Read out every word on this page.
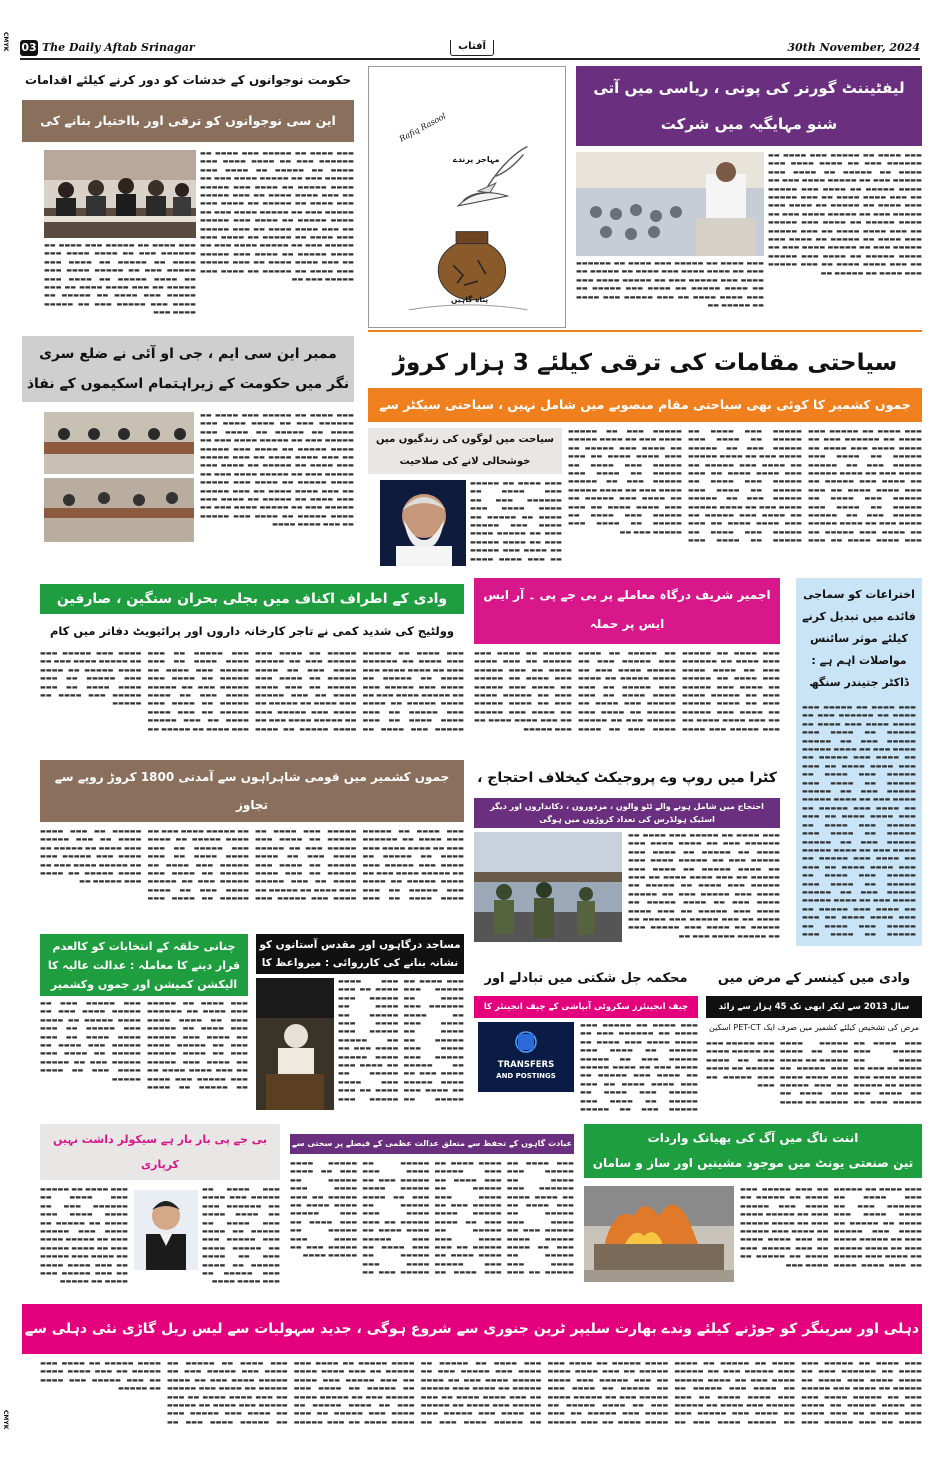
CMYK
CMYK
03 The Daily Aftab Srinagar	آفتاب	30th November, 2024
حکومت نوجوانوں کے خدشات کو دور کرنے کیلئے اقدامات
این سی نوجوانوں کو ترقی اور بااختیار بنانے کی
▬▬▬ ▬▬▬▬ ▬▬ ▬▬▬▬▬ ▬▬▬ ▬▬▬▬ ▬▬ ▬▬▬▬▬▬ ▬▬▬ ▬▬ ▬▬▬▬ ▬▬▬▬ ▬▬▬ ▬▬▬▬ ▬▬ ▬▬▬▬▬ ▬▬ ▬▬▬▬ ▬▬▬ ▬▬▬▬▬ ▬▬▬ ▬▬ ▬▬▬▬▬ ▬▬▬▬ ▬▬▬ ▬▬ ▬▬▬▬ ▬▬▬▬▬ ▬▬ ▬▬▬▬ ▬▬▬ ▬▬▬▬▬ ▬▬ ▬▬▬ ▬▬▬▬ ▬▬▬▬ ▬▬ ▬▬▬ ▬▬▬▬▬ ▬▬▬ ▬▬▬▬ ▬▬ ▬▬▬▬▬ ▬▬ ▬▬▬▬ ▬▬▬ ▬▬▬▬▬ ▬▬▬ ▬▬ ▬▬▬▬▬ ▬▬▬▬ ▬▬▬ ▬▬ ▬▬▬▬ ▬▬▬▬▬ ▬▬ ▬▬▬▬ ▬▬▬ ▬▬▬▬▬ ▬▬ ▬▬▬ ▬▬▬▬ ▬▬▬▬ ▬▬ ▬▬▬ ▬▬▬▬▬ ▬▬▬ ▬▬▬▬ ▬▬ ▬▬▬▬▬ ▬▬ ▬▬▬▬ ▬▬▬ ▬▬▬▬▬ ▬▬▬ ▬▬ ▬▬▬▬▬ ▬▬▬▬ ▬▬▬ ▬▬ ▬▬▬▬ ▬▬▬▬▬ ▬▬ ▬▬▬▬ ▬▬▬ ▬▬▬▬▬ ▬▬ ▬▬▬ ▬▬▬▬ ▬▬▬▬ ▬▬ ▬▬▬ ▬▬▬▬▬ ▬▬▬ ▬▬▬▬ ▬▬ ▬▬▬▬▬ ▬▬ ▬▬▬▬ ▬▬▬ ▬▬▬▬▬ ▬▬▬ ▬▬
▬▬▬ ▬▬▬▬ ▬▬ ▬▬▬▬▬ ▬▬▬ ▬▬▬▬ ▬▬ ▬▬▬▬▬▬ ▬▬▬ ▬▬ ▬▬▬▬ ▬▬▬▬ ▬▬▬ ▬▬▬▬ ▬▬ ▬▬▬▬▬ ▬▬ ▬▬▬▬ ▬▬▬ ▬▬▬▬▬ ▬▬▬ ▬▬ ▬▬▬▬▬ ▬▬▬▬ ▬▬▬ ▬▬ ▬▬▬▬ ▬▬▬▬▬ ▬▬ ▬▬▬▬ ▬▬▬ ▬▬▬▬▬ ▬▬ ▬▬▬ ▬▬▬▬ ▬▬▬▬ ▬▬ ▬▬▬ ▬▬▬▬▬ ▬▬▬ ▬▬▬▬ ▬▬ ▬▬▬▬▬ ▬▬ ▬▬▬▬ ▬▬▬ ▬▬▬▬▬ ▬▬▬ ▬▬ ▬▬▬▬▬ ▬▬▬▬ ▬▬▬
Rafiq Rasool
مہاجر پرندے
پناہ گاہیں
لیفٹیننٹ گورنر کی پونی ، ریاسی میں آتی شنو مہایگیہ میں شرکت
▬▬▬ ▬▬▬▬ ▬▬ ▬▬▬▬▬ ▬▬▬ ▬▬▬▬ ▬▬ ▬▬▬▬▬▬ ▬▬▬ ▬▬ ▬▬▬▬ ▬▬▬▬ ▬▬▬ ▬▬▬▬ ▬▬ ▬▬▬▬▬ ▬▬ ▬▬▬▬ ▬▬▬ ▬▬▬▬▬ ▬▬▬ ▬▬ ▬▬▬▬▬ ▬▬▬▬ ▬▬▬ ▬▬ ▬▬▬▬ ▬▬▬▬▬ ▬▬ ▬▬▬▬ ▬▬▬ ▬▬▬▬▬ ▬▬ ▬▬▬ ▬▬▬▬ ▬▬▬▬ ▬▬ ▬▬▬ ▬▬▬▬▬ ▬▬▬ ▬▬▬▬ ▬▬ ▬▬▬▬▬ ▬▬ ▬▬▬▬ ▬▬▬ ▬▬▬▬▬ ▬▬▬ ▬▬ ▬▬▬▬▬ ▬▬▬▬ ▬▬▬ ▬▬ ▬▬▬▬ ▬▬▬▬▬ ▬▬ ▬▬▬▬ ▬▬▬ ▬▬▬▬▬ ▬▬ ▬▬▬ ▬▬▬▬ ▬▬▬▬ ▬▬ ▬▬▬ ▬▬▬▬▬ ▬▬▬ ▬▬▬▬ ▬▬ ▬▬▬▬▬ ▬▬ ▬▬▬▬ ▬▬▬ ▬▬▬▬▬ ▬▬▬ ▬▬ ▬▬▬▬▬ ▬▬▬▬ ▬▬▬ ▬▬ ▬▬▬▬ ▬▬▬▬▬ ▬▬ ▬▬▬▬ ▬▬▬ ▬▬▬▬▬ ▬▬ ▬▬▬ ▬▬▬▬ ▬▬▬▬ ▬▬ ▬▬▬ ▬▬▬▬▬ ▬▬▬ ▬▬▬▬ ▬▬ ▬▬▬▬▬ ▬▬
▬▬▬ ▬▬▬▬ ▬▬ ▬▬▬▬▬ ▬▬▬ ▬▬▬▬ ▬▬ ▬▬▬▬▬▬ ▬▬▬ ▬▬ ▬▬▬▬ ▬▬▬▬ ▬▬▬ ▬▬▬▬ ▬▬ ▬▬▬▬▬ ▬▬ ▬▬▬▬ ▬▬▬ ▬▬▬▬▬ ▬▬▬ ▬▬ ▬▬▬▬▬ ▬▬▬▬ ▬▬▬ ▬▬ ▬▬▬▬ ▬▬▬▬▬ ▬▬ ▬▬▬▬ ▬▬▬ ▬▬▬▬▬ ▬▬ ▬▬▬ ▬▬▬▬ ▬▬▬▬ ▬▬ ▬▬▬ ▬▬▬▬▬ ▬▬▬ ▬▬▬▬ ▬▬ ▬▬▬▬▬ ▬▬
ممبر این سی ایم ، جی او آئی نے ضلع سری نگر میں حکومت کے زیراہتمام اسکیموں کے نفاذ
▬▬▬ ▬▬▬▬ ▬▬ ▬▬▬▬▬ ▬▬▬ ▬▬▬▬ ▬▬ ▬▬▬▬▬▬ ▬▬▬ ▬▬ ▬▬▬▬ ▬▬▬▬ ▬▬▬ ▬▬▬▬ ▬▬ ▬▬▬▬▬ ▬▬ ▬▬▬▬ ▬▬▬ ▬▬▬▬▬ ▬▬▬ ▬▬ ▬▬▬▬▬ ▬▬▬▬ ▬▬▬ ▬▬ ▬▬▬▬ ▬▬▬▬▬ ▬▬ ▬▬▬▬ ▬▬▬ ▬▬▬▬▬ ▬▬ ▬▬▬ ▬▬▬▬ ▬▬▬▬ ▬▬ ▬▬▬ ▬▬▬▬▬ ▬▬▬ ▬▬▬▬ ▬▬ ▬▬▬▬▬ ▬▬ ▬▬▬▬ ▬▬▬ ▬▬▬▬▬ ▬▬▬ ▬▬ ▬▬▬▬▬ ▬▬▬▬ ▬▬▬ ▬▬ ▬▬▬▬ ▬▬▬▬▬ ▬▬ ▬▬▬▬ ▬▬▬ ▬▬▬▬▬ ▬▬ ▬▬▬ ▬▬▬▬ ▬▬▬▬ ▬▬ ▬▬▬ ▬▬▬▬▬ ▬▬▬ ▬▬▬▬ ▬▬ ▬▬▬▬▬ ▬▬ ▬▬▬▬ ▬▬▬ ▬▬▬▬▬ ▬▬▬ ▬▬ ▬▬▬▬▬ ▬▬▬▬ ▬▬▬ ▬▬ ▬▬▬▬ ▬▬▬▬▬ ▬▬ ▬▬▬▬ ▬▬▬ ▬▬▬▬▬ ▬▬ ▬▬▬ ▬▬▬▬ ▬▬▬▬
سیاحتی مقامات کی ترقی کیلئے 3 ہزار کروڑ
جموں کشمیر کا کوئی بھی سیاحتی مقام منصوبے میں شامل نہیں ، سیاحتی سیکٹر سے
سیاحت میں لوگوں کی زندگیوں میں خوشحالی لانے کی صلاحیت
▬▬▬ ▬▬▬▬ ▬▬ ▬▬▬▬▬ ▬▬▬ ▬▬▬▬ ▬▬ ▬▬▬▬▬▬ ▬▬▬ ▬▬ ▬▬▬▬ ▬▬▬▬ ▬▬▬ ▬▬▬▬ ▬▬ ▬▬▬▬▬ ▬▬ ▬▬▬▬ ▬▬▬ ▬▬▬▬▬ ▬▬▬ ▬▬ ▬▬▬▬▬ ▬▬▬▬ ▬▬▬ ▬▬ ▬▬▬▬ ▬▬▬▬▬ ▬▬ ▬▬▬▬ ▬▬▬ ▬▬▬▬▬ ▬▬ ▬▬▬ ▬▬▬▬ ▬▬▬▬
▬▬▬ ▬▬▬▬ ▬▬ ▬▬▬▬▬ ▬▬▬ ▬▬▬▬ ▬▬ ▬▬▬▬▬▬ ▬▬▬ ▬▬ ▬▬▬▬ ▬▬▬▬ ▬▬▬ ▬▬▬▬ ▬▬ ▬▬▬▬▬ ▬▬ ▬▬▬▬ ▬▬▬ ▬▬▬▬▬ ▬▬▬ ▬▬ ▬▬▬▬▬ ▬▬▬▬ ▬▬▬ ▬▬ ▬▬▬▬ ▬▬▬▬▬ ▬▬ ▬▬▬▬ ▬▬▬ ▬▬▬▬▬ ▬▬ ▬▬▬ ▬▬▬▬ ▬▬▬▬ ▬▬ ▬▬▬ ▬▬▬▬▬ ▬▬▬ ▬▬▬▬ ▬▬ ▬▬▬▬▬ ▬▬ ▬▬▬▬ ▬▬▬ ▬▬▬▬▬ ▬▬▬ ▬▬ ▬▬▬▬▬ ▬▬▬▬ ▬▬▬ ▬▬ ▬▬▬▬ ▬▬▬▬▬ ▬▬ ▬▬▬▬ ▬▬▬ ▬▬▬▬▬ ▬▬ ▬▬▬ ▬▬▬▬ ▬▬▬▬ ▬▬ ▬▬▬ ▬▬▬▬▬ ▬▬▬ ▬▬▬▬ ▬▬ ▬▬▬▬▬ ▬▬ ▬▬▬▬ ▬▬▬ ▬▬▬▬▬ ▬▬▬ ▬▬ ▬▬▬▬▬ ▬▬▬▬ ▬▬▬ ▬▬ ▬▬▬▬ ▬▬▬▬▬ ▬▬ ▬▬▬▬ ▬▬▬ ▬▬▬▬▬ ▬▬ ▬▬▬ ▬▬▬▬ ▬▬▬▬ ▬▬ ▬▬▬ ▬▬▬▬▬ ▬▬▬ ▬▬▬▬ ▬▬ ▬▬▬▬▬ ▬▬ ▬▬▬▬ ▬▬▬ ▬▬▬▬▬ ▬▬▬ ▬▬ ▬▬▬▬▬ ▬▬▬▬ ▬▬▬ ▬▬ ▬▬▬▬ ▬▬▬▬▬ ▬▬ ▬▬▬▬ ▬▬▬ ▬▬▬▬▬ ▬▬ ▬▬▬ ▬▬▬▬ ▬▬▬▬ ▬▬ ▬▬▬ ▬▬▬▬▬ ▬▬▬ ▬▬▬▬ ▬▬ ▬▬▬▬▬ ▬▬ ▬▬▬▬ ▬▬▬ ▬▬▬▬▬ ▬▬▬ ▬▬ ▬▬▬▬▬ ▬▬▬▬ ▬▬▬ ▬▬ ▬▬▬▬ ▬▬▬▬▬ ▬▬ ▬▬▬▬ ▬▬▬ ▬▬▬▬▬ ▬▬ ▬▬▬ ▬▬▬▬ ▬▬▬▬ ▬▬ ▬▬▬ ▬▬▬▬▬ ▬▬▬ ▬▬▬▬ ▬▬ ▬▬▬▬▬ ▬▬ ▬▬▬▬ ▬▬▬ ▬▬▬▬▬ ▬▬▬ ▬▬ ▬▬▬▬▬ ▬▬▬▬ ▬▬▬ ▬▬ ▬▬▬▬ ▬▬▬▬▬ ▬▬ ▬▬▬▬ ▬▬▬ ▬▬▬▬▬ ▬▬ ▬▬▬ ▬▬▬▬ ▬▬▬▬ ▬▬ ▬▬▬ ▬▬▬▬▬ ▬▬▬ ▬▬▬▬ ▬▬ ▬▬▬▬▬ ▬▬ ▬▬▬▬ ▬▬▬ ▬▬▬▬▬ ▬▬▬ ▬▬
وادی کے اطراف اکناف میں بجلی بحران سنگین ، صارفین
وولٹیج کی شدید کمی نے تاجر کارخانہ داروں اور پرائیویٹ دفاتر میں کام
▬▬▬ ▬▬▬▬ ▬▬ ▬▬▬▬▬ ▬▬▬ ▬▬▬▬ ▬▬ ▬▬▬▬▬▬ ▬▬▬ ▬▬ ▬▬▬▬ ▬▬▬▬ ▬▬▬ ▬▬▬▬ ▬▬ ▬▬▬▬▬ ▬▬ ▬▬▬▬ ▬▬▬ ▬▬▬▬▬ ▬▬▬ ▬▬ ▬▬▬▬▬ ▬▬▬▬ ▬▬▬ ▬▬ ▬▬▬▬ ▬▬▬▬▬ ▬▬ ▬▬▬▬ ▬▬▬ ▬▬▬▬▬ ▬▬ ▬▬▬ ▬▬▬▬ ▬▬▬▬ ▬▬ ▬▬▬ ▬▬▬▬▬ ▬▬▬ ▬▬▬▬ ▬▬ ▬▬▬▬▬ ▬▬ ▬▬▬▬ ▬▬▬ ▬▬▬▬▬ ▬▬▬ ▬▬ ▬▬▬▬▬ ▬▬▬▬ ▬▬▬ ▬▬ ▬▬▬▬ ▬▬▬▬▬ ▬▬ ▬▬▬▬ ▬▬▬ ▬▬▬▬▬ ▬▬ ▬▬▬ ▬▬▬▬ ▬▬▬▬ ▬▬ ▬▬▬ ▬▬▬▬▬ ▬▬▬ ▬▬▬▬ ▬▬ ▬▬▬▬▬ ▬▬ ▬▬▬▬ ▬▬▬ ▬▬▬▬▬ ▬▬▬ ▬▬ ▬▬▬▬▬ ▬▬▬▬ ▬▬▬ ▬▬ ▬▬▬▬ ▬▬▬▬▬ ▬▬ ▬▬▬▬ ▬▬▬ ▬▬▬▬▬ ▬▬ ▬▬▬ ▬▬▬▬ ▬▬▬▬ ▬▬ ▬▬▬ ▬▬▬▬▬ ▬▬▬ ▬▬▬▬ ▬▬ ▬▬▬▬▬ ▬▬ ▬▬▬▬ ▬▬▬ ▬▬▬▬▬ ▬▬▬ ▬▬ ▬▬▬▬▬ ▬▬▬▬ ▬▬▬ ▬▬ ▬▬▬▬ ▬▬▬▬▬ ▬▬ ▬▬▬▬ ▬▬▬ ▬▬▬▬▬ ▬▬ ▬▬▬ ▬▬▬▬ ▬▬▬▬ ▬▬ ▬▬▬ ▬▬▬▬▬ ▬▬▬ ▬▬▬▬ ▬▬ ▬▬▬▬▬ ▬▬ ▬▬▬▬ ▬▬▬ ▬▬▬▬▬ ▬▬▬ ▬▬ ▬▬▬▬▬ ▬▬▬▬ ▬▬▬ ▬▬ ▬▬▬▬ ▬▬▬▬▬ ▬▬ ▬▬▬▬ ▬▬▬ ▬▬▬▬▬ ▬▬ ▬▬▬ ▬▬▬▬ ▬▬▬▬ ▬▬ ▬▬▬ ▬▬▬▬▬ ▬▬▬ ▬▬▬▬ ▬▬ ▬▬▬▬▬
اجمیر شریف درگاہ معاملے پر بی جے پی ۔ آر ایس ایس پر حملہ
▬▬▬ ▬▬▬▬ ▬▬ ▬▬▬▬▬ ▬▬▬ ▬▬▬▬ ▬▬ ▬▬▬▬▬▬ ▬▬▬ ▬▬ ▬▬▬▬ ▬▬▬▬ ▬▬▬ ▬▬▬▬ ▬▬ ▬▬▬▬▬ ▬▬ ▬▬▬▬ ▬▬▬ ▬▬▬▬▬ ▬▬▬ ▬▬ ▬▬▬▬▬ ▬▬▬▬ ▬▬▬ ▬▬ ▬▬▬▬ ▬▬▬▬▬ ▬▬ ▬▬▬▬ ▬▬▬ ▬▬▬▬▬ ▬▬ ▬▬▬ ▬▬▬▬ ▬▬▬▬ ▬▬ ▬▬▬ ▬▬▬▬▬ ▬▬▬ ▬▬▬▬ ▬▬ ▬▬▬▬▬ ▬▬ ▬▬▬▬ ▬▬▬ ▬▬▬▬▬ ▬▬▬ ▬▬ ▬▬▬▬▬ ▬▬▬▬ ▬▬▬ ▬▬ ▬▬▬▬ ▬▬▬▬▬ ▬▬ ▬▬▬▬ ▬▬▬ ▬▬▬▬▬ ▬▬ ▬▬▬ ▬▬▬▬ ▬▬▬▬ ▬▬ ▬▬▬ ▬▬▬▬▬ ▬▬▬ ▬▬▬▬ ▬▬ ▬▬▬▬▬ ▬▬ ▬▬▬▬ ▬▬▬ ▬▬▬▬▬ ▬▬▬ ▬▬ ▬▬▬▬▬ ▬▬▬▬ ▬▬▬ ▬▬ ▬▬▬▬ ▬▬▬▬▬ ▬▬ ▬▬▬▬ ▬▬▬ ▬▬▬▬▬ ▬▬ ▬▬▬ ▬▬▬▬ ▬▬▬▬ ▬▬ ▬▬▬ ▬▬▬▬▬ ▬▬▬ ▬▬▬▬ ▬▬ ▬▬▬▬▬ ▬▬ ▬▬▬▬ ▬▬▬ ▬▬▬▬▬ ▬▬▬ ▬▬ ▬▬▬▬▬ ▬▬▬▬ ▬▬▬ ▬▬ ▬▬▬▬ ▬▬▬▬▬ ▬▬ ▬▬▬▬ ▬▬▬ ▬▬▬▬▬ ▬▬ ▬▬▬ ▬▬▬▬ ▬▬▬▬ ▬▬ ▬▬▬ ▬▬▬▬▬
اختراعات کو سماجی فائدے میں تبدیل کرنے کیلئے موثر سائنس مواصلات اہم ہے : ڈاکٹر جتیندر سنگھ
▬▬▬ ▬▬▬▬ ▬▬ ▬▬▬▬▬ ▬▬▬ ▬▬▬▬ ▬▬ ▬▬▬▬▬▬ ▬▬▬ ▬▬ ▬▬▬▬ ▬▬▬▬ ▬▬▬ ▬▬▬▬ ▬▬ ▬▬▬▬▬ ▬▬ ▬▬▬▬ ▬▬▬ ▬▬▬▬▬ ▬▬▬ ▬▬ ▬▬▬▬▬ ▬▬▬▬ ▬▬▬ ▬▬ ▬▬▬▬ ▬▬▬▬▬ ▬▬ ▬▬▬▬ ▬▬▬ ▬▬▬▬▬ ▬▬ ▬▬▬ ▬▬▬▬ ▬▬▬▬ ▬▬ ▬▬▬ ▬▬▬▬▬ ▬▬▬ ▬▬▬▬ ▬▬ ▬▬▬▬▬ ▬▬ ▬▬▬▬ ▬▬▬ ▬▬▬▬▬ ▬▬▬ ▬▬ ▬▬▬▬▬ ▬▬▬▬ ▬▬▬ ▬▬ ▬▬▬▬ ▬▬▬▬▬ ▬▬ ▬▬▬▬ ▬▬▬ ▬▬▬▬▬ ▬▬ ▬▬▬ ▬▬▬▬ ▬▬▬▬ ▬▬ ▬▬▬ ▬▬▬▬▬ ▬▬▬ ▬▬▬▬ ▬▬ ▬▬▬▬▬ ▬▬ ▬▬▬▬ ▬▬▬ ▬▬▬▬▬ ▬▬▬ ▬▬ ▬▬▬▬▬ ▬▬▬▬ ▬▬▬ ▬▬ ▬▬▬▬ ▬▬▬▬▬ ▬▬ ▬▬▬▬ ▬▬▬ ▬▬▬▬▬ ▬▬ ▬▬▬ ▬▬▬▬ ▬▬▬▬ ▬▬ ▬▬▬ ▬▬▬▬▬ ▬▬▬ ▬▬▬▬ ▬▬ ▬▬▬▬▬ ▬▬ ▬▬▬▬ ▬▬▬ ▬▬▬▬▬ ▬▬▬ ▬▬ ▬▬▬▬▬ ▬▬▬▬ ▬▬▬ ▬▬ ▬▬▬▬ ▬▬▬▬▬ ▬▬ ▬▬▬▬ ▬▬▬ ▬▬▬▬▬ ▬▬ ▬▬▬ ▬▬▬▬ ▬▬▬▬ ▬▬ ▬▬▬ ▬▬▬▬▬ ▬▬▬ ▬▬▬▬ ▬▬ ▬▬▬▬▬ ▬▬ ▬▬▬▬ ▬▬▬
جموں کشمیر میں قومی شاہراہوں سے آمدنی 1800 کروڑ روپے سے تجاوز
▬▬▬ ▬▬▬▬ ▬▬ ▬▬▬▬▬ ▬▬▬ ▬▬▬▬ ▬▬ ▬▬▬▬▬▬ ▬▬▬ ▬▬ ▬▬▬▬ ▬▬▬▬ ▬▬▬ ▬▬▬▬ ▬▬ ▬▬▬▬▬ ▬▬ ▬▬▬▬ ▬▬▬ ▬▬▬▬▬ ▬▬▬ ▬▬ ▬▬▬▬▬ ▬▬▬▬ ▬▬▬ ▬▬ ▬▬▬▬ ▬▬▬▬▬ ▬▬ ▬▬▬▬ ▬▬▬ ▬▬▬▬▬ ▬▬ ▬▬▬ ▬▬▬▬ ▬▬▬▬ ▬▬ ▬▬▬ ▬▬▬▬▬ ▬▬▬ ▬▬▬▬ ▬▬ ▬▬▬▬▬ ▬▬ ▬▬▬▬ ▬▬▬ ▬▬▬▬▬ ▬▬▬ ▬▬ ▬▬▬▬▬ ▬▬▬▬ ▬▬▬ ▬▬ ▬▬▬▬ ▬▬▬▬▬ ▬▬ ▬▬▬▬ ▬▬▬ ▬▬▬▬▬ ▬▬ ▬▬▬ ▬▬▬▬ ▬▬▬▬ ▬▬ ▬▬▬ ▬▬▬▬▬ ▬▬▬ ▬▬▬▬ ▬▬ ▬▬▬▬▬ ▬▬ ▬▬▬▬ ▬▬▬ ▬▬▬▬▬ ▬▬▬ ▬▬ ▬▬▬▬▬ ▬▬▬▬ ▬▬▬ ▬▬ ▬▬▬▬ ▬▬▬▬▬ ▬▬ ▬▬▬▬ ▬▬▬ ▬▬▬▬▬ ▬▬ ▬▬▬ ▬▬▬▬ ▬▬▬▬ ▬▬ ▬▬▬ ▬▬▬▬▬ ▬▬▬ ▬▬▬▬ ▬▬ ▬▬▬▬▬ ▬▬ ▬▬▬▬ ▬▬▬ ▬▬▬▬▬ ▬▬▬ ▬▬ ▬▬▬▬▬ ▬▬▬▬ ▬▬▬ ▬▬ ▬▬▬▬ ▬▬▬▬▬ ▬▬ ▬▬▬▬ ▬▬▬ ▬▬▬▬▬ ▬▬ ▬▬▬ ▬▬▬▬ ▬▬▬▬ ▬▬ ▬▬▬ ▬▬▬▬▬ ▬▬▬ ▬▬▬▬ ▬▬ ▬▬▬▬▬ ▬▬ ▬▬▬▬ ▬▬▬ ▬▬▬▬▬ ▬▬▬ ▬▬ ▬▬▬▬▬ ▬▬▬▬ ▬▬▬ ▬▬ ▬▬▬▬ ▬▬▬▬▬ ▬▬ ▬▬▬▬ ▬▬▬ ▬▬▬▬▬ ▬▬
کٹرا میں روپ وے پروجیکٹ کیخلاف احتجاج ،
احتجاج میں شامل ہونے والے ٹٹو والوں ، مزدوروں ، دکانداروں اور دیگر اسٹیک ہولڈرس کی تعداد کروڑوں میں ہوگی
▬▬▬ ▬▬▬▬ ▬▬ ▬▬▬▬▬ ▬▬▬ ▬▬▬▬ ▬▬ ▬▬▬▬▬▬ ▬▬▬ ▬▬ ▬▬▬▬ ▬▬▬▬ ▬▬▬ ▬▬▬▬ ▬▬ ▬▬▬▬▬ ▬▬ ▬▬▬▬ ▬▬▬ ▬▬▬▬▬ ▬▬▬ ▬▬ ▬▬▬▬▬ ▬▬▬▬ ▬▬▬ ▬▬ ▬▬▬▬ ▬▬▬▬▬ ▬▬ ▬▬▬▬ ▬▬▬ ▬▬▬▬▬ ▬▬ ▬▬▬ ▬▬▬▬ ▬▬▬▬ ▬▬ ▬▬▬ ▬▬▬▬▬ ▬▬▬ ▬▬▬▬ ▬▬ ▬▬▬▬▬ ▬▬ ▬▬▬▬ ▬▬▬ ▬▬▬▬▬ ▬▬▬ ▬▬ ▬▬▬▬▬ ▬▬▬▬ ▬▬▬ ▬▬ ▬▬▬▬ ▬▬▬▬▬ ▬▬ ▬▬▬▬ ▬▬▬ ▬▬▬▬▬ ▬▬ ▬▬▬ ▬▬▬▬ ▬▬▬▬ ▬▬ ▬▬▬ ▬▬▬▬▬ ▬▬▬ ▬▬▬▬ ▬▬ ▬▬▬▬▬ ▬▬ ▬▬▬▬ ▬▬▬ ▬▬▬▬▬ ▬▬▬ ▬▬ ▬▬▬▬▬ ▬▬▬▬ ▬▬▬ ▬▬
چنانی حلقہ کے انتخابات کو کالعدم قرار دینے کا معاملہ : عدالت عالیہ کا الیکشن کمیشن اور جموں وکشمیر
▬▬▬ ▬▬▬▬ ▬▬ ▬▬▬▬▬ ▬▬▬ ▬▬▬▬ ▬▬ ▬▬▬▬▬▬ ▬▬▬ ▬▬ ▬▬▬▬ ▬▬▬▬ ▬▬▬ ▬▬▬▬ ▬▬ ▬▬▬▬▬ ▬▬ ▬▬▬▬ ▬▬▬ ▬▬▬▬▬ ▬▬▬ ▬▬ ▬▬▬▬▬ ▬▬▬▬ ▬▬▬ ▬▬ ▬▬▬▬ ▬▬▬▬▬ ▬▬ ▬▬▬▬ ▬▬▬ ▬▬▬▬▬ ▬▬ ▬▬▬ ▬▬▬▬ ▬▬▬▬ ▬▬ ▬▬▬ ▬▬▬▬▬ ▬▬▬ ▬▬▬▬ ▬▬ ▬▬▬▬▬ ▬▬ ▬▬▬▬ ▬▬▬ ▬▬▬▬▬ ▬▬▬ ▬▬ ▬▬▬▬▬ ▬▬▬▬ ▬▬▬ ▬▬ ▬▬▬▬ ▬▬▬▬▬ ▬▬ ▬▬▬▬ ▬▬▬ ▬▬▬▬▬ ▬▬ ▬▬▬ ▬▬▬▬ ▬▬▬▬ ▬▬ ▬▬▬ ▬▬▬▬▬ ▬▬▬ ▬▬▬▬ ▬▬ ▬▬▬▬▬ ▬▬ ▬▬▬▬ ▬▬▬ ▬▬▬▬▬ ▬▬▬ ▬▬ ▬▬▬▬▬ ▬▬▬▬ ▬▬▬ ▬▬ ▬▬▬▬ ▬▬▬▬▬
مساجد درگاہوں اور مقدس آستانوں کو نشانہ بنانے کی کارروائی : میرواعظ کا
▬▬▬ ▬▬▬▬ ▬▬ ▬▬▬▬▬ ▬▬▬ ▬▬▬▬ ▬▬ ▬▬▬▬▬▬ ▬▬▬ ▬▬ ▬▬▬▬ ▬▬▬▬ ▬▬▬ ▬▬▬▬ ▬▬ ▬▬▬▬▬ ▬▬ ▬▬▬▬ ▬▬▬ ▬▬▬▬▬ ▬▬▬ ▬▬ ▬▬▬▬▬ ▬▬▬▬ ▬▬▬ ▬▬ ▬▬▬▬ ▬▬▬▬▬ ▬▬ ▬▬▬▬ ▬▬▬ ▬▬▬▬▬ ▬▬ ▬▬▬ ▬▬▬▬ ▬▬▬▬ ▬▬ ▬▬▬ ▬▬▬▬▬ ▬▬▬ ▬▬▬▬ ▬▬ ▬▬▬▬▬ ▬▬ ▬▬▬▬ ▬▬▬ ▬▬▬▬▬ ▬▬▬ ▬▬ ▬▬▬▬▬ ▬▬▬▬ ▬▬▬ ▬▬ ▬▬▬▬ ▬▬▬▬▬ ▬▬ ▬▬▬▬ ▬▬▬ ▬▬▬▬▬ ▬▬ ▬▬▬ ▬▬▬▬ ▬▬▬▬ ▬▬ ▬▬▬ ▬▬▬▬▬ ▬▬▬
محکمہ جل شکتی میں تبادلے اور
چیف انجینئرز سکروٹی آبپاشی کے چیف انجینئر کا
TRANSFERS
AND POSTINGS
▬▬▬ ▬▬▬▬ ▬▬ ▬▬▬▬▬ ▬▬▬ ▬▬▬▬ ▬▬ ▬▬▬▬▬▬ ▬▬▬ ▬▬ ▬▬▬▬ ▬▬▬▬ ▬▬▬ ▬▬▬▬ ▬▬ ▬▬▬▬▬ ▬▬ ▬▬▬▬ ▬▬▬ ▬▬▬▬▬ ▬▬▬ ▬▬ ▬▬▬▬▬ ▬▬▬▬ ▬▬▬ ▬▬ ▬▬▬▬ ▬▬▬▬▬ ▬▬ ▬▬▬▬ ▬▬▬ ▬▬▬▬▬ ▬▬ ▬▬▬ ▬▬▬▬ ▬▬▬▬ ▬▬ ▬▬▬ ▬▬▬▬▬ ▬▬▬ ▬▬▬▬ ▬▬ ▬▬▬▬▬ ▬▬ ▬▬▬▬ ▬▬▬ ▬▬▬▬▬ ▬▬▬ ▬▬ ▬▬▬▬▬
وادی میں کینسر کے مرض میں
سال 2013 سے لیکر ابھی تک 45 ہزار سے زائد
مرض کی تشخیص کیلئے کشمیر میں صرف ایک PET-CT اسکین
▬▬▬ ▬▬▬▬ ▬▬ ▬▬▬▬▬ ▬▬▬ ▬▬▬▬ ▬▬ ▬▬▬▬▬▬ ▬▬▬ ▬▬ ▬▬▬▬ ▬▬▬▬ ▬▬▬ ▬▬▬▬ ▬▬ ▬▬▬▬▬ ▬▬ ▬▬▬▬ ▬▬▬ ▬▬▬▬▬ ▬▬▬ ▬▬ ▬▬▬▬▬ ▬▬▬▬ ▬▬▬ ▬▬ ▬▬▬▬ ▬▬▬▬▬ ▬▬ ▬▬▬▬ ▬▬▬ ▬▬▬▬▬ ▬▬ ▬▬▬ ▬▬▬▬ ▬▬▬▬ ▬▬ ▬▬▬ ▬▬▬▬▬ ▬▬▬ ▬▬▬▬ ▬▬ ▬▬▬▬▬ ▬▬ ▬▬▬▬ ▬▬▬ ▬▬▬▬▬ ▬▬▬ ▬▬ ▬▬▬▬▬ ▬▬▬▬ ▬▬▬ ▬▬ ▬▬▬▬ ▬▬▬▬▬ ▬▬ ▬▬▬▬ ▬▬▬ ▬▬▬▬▬ ▬▬ ▬▬▬
بی جے پی بار بار ہے سیکولر داشت نہیں کرپاری
▬▬▬ ▬▬▬▬ ▬▬ ▬▬▬▬▬ ▬▬▬ ▬▬▬▬ ▬▬ ▬▬▬▬▬▬ ▬▬▬ ▬▬ ▬▬▬▬ ▬▬▬▬ ▬▬▬ ▬▬▬▬ ▬▬ ▬▬▬▬▬ ▬▬ ▬▬▬▬ ▬▬▬ ▬▬▬▬▬ ▬▬▬ ▬▬ ▬▬▬▬▬ ▬▬▬▬ ▬▬▬ ▬▬ ▬▬▬▬ ▬▬▬▬▬ ▬▬ ▬▬▬▬ ▬▬▬ ▬▬▬▬▬ ▬▬ ▬▬▬ ▬▬▬▬ ▬▬▬▬ ▬▬ ▬▬▬ ▬▬▬▬▬ ▬▬▬ ▬▬▬▬ ▬▬ ▬▬▬▬▬
▬▬▬ ▬▬▬▬ ▬▬ ▬▬▬▬▬ ▬▬▬ ▬▬▬▬ ▬▬ ▬▬▬▬▬▬ ▬▬▬ ▬▬ ▬▬▬▬ ▬▬▬▬ ▬▬▬ ▬▬▬▬ ▬▬ ▬▬▬▬▬ ▬▬ ▬▬▬▬ ▬▬▬ ▬▬▬▬▬ ▬▬▬ ▬▬ ▬▬▬▬▬ ▬▬▬▬ ▬▬▬ ▬▬ ▬▬▬▬ ▬▬▬▬▬ ▬▬ ▬▬▬▬ ▬▬▬ ▬▬▬▬▬ ▬▬ ▬▬▬ ▬▬▬▬ ▬▬▬▬
عبادت گاہوں کے تحفظ سے متعلق عدالت عظمی کے فیصلے پر سختی سے
▬▬▬ ▬▬▬▬ ▬▬ ▬▬▬▬▬ ▬▬▬ ▬▬▬▬ ▬▬ ▬▬▬▬▬▬ ▬▬▬ ▬▬ ▬▬▬▬ ▬▬▬▬ ▬▬▬ ▬▬▬▬ ▬▬ ▬▬▬▬▬ ▬▬ ▬▬▬▬ ▬▬▬ ▬▬▬▬▬ ▬▬▬ ▬▬ ▬▬▬▬▬ ▬▬▬▬ ▬▬▬ ▬▬ ▬▬▬▬ ▬▬▬▬▬ ▬▬ ▬▬▬▬ ▬▬▬ ▬▬▬▬▬ ▬▬ ▬▬▬ ▬▬▬▬ ▬▬▬▬ ▬▬ ▬▬▬ ▬▬▬▬▬ ▬▬▬ ▬▬▬▬ ▬▬ ▬▬▬▬▬ ▬▬ ▬▬▬▬ ▬▬▬ ▬▬▬▬▬ ▬▬▬ ▬▬ ▬▬▬▬▬ ▬▬▬▬ ▬▬▬ ▬▬ ▬▬▬▬ ▬▬▬▬▬ ▬▬ ▬▬▬▬ ▬▬▬ ▬▬▬▬▬ ▬▬ ▬▬▬ ▬▬▬▬ ▬▬▬▬ ▬▬ ▬▬▬ ▬▬▬▬▬ ▬▬▬ ▬▬▬▬ ▬▬ ▬▬▬▬▬ ▬▬ ▬▬▬▬ ▬▬▬ ▬▬▬▬▬ ▬▬▬ ▬▬ ▬▬▬▬▬ ▬▬▬▬ ▬▬▬ ▬▬ ▬▬▬▬ ▬▬▬▬▬ ▬▬ ▬▬▬▬ ▬▬▬ ▬▬▬▬▬ ▬▬ ▬▬▬ ▬▬▬▬ ▬▬▬▬ ▬▬ ▬▬▬ ▬▬▬▬▬ ▬▬▬ ▬▬▬▬ ▬▬ ▬▬▬▬▬ ▬▬ ▬▬▬▬ ▬▬▬ ▬▬▬▬▬ ▬▬▬ ▬▬ ▬▬▬▬▬ ▬▬▬▬ ▬▬▬ ▬▬ ▬▬▬▬ ▬▬▬▬▬ ▬▬ ▬▬▬▬ ▬▬▬ ▬▬▬▬▬ ▬▬ ▬▬▬ ▬▬▬▬ ▬▬▬▬ ▬▬ ▬▬▬ ▬▬▬▬▬ ▬▬▬ ▬▬▬▬ ▬▬ ▬▬▬▬▬ ▬▬ ▬▬▬▬ ▬▬▬ ▬▬▬▬▬ ▬▬▬ ▬▬ ▬▬▬▬▬ ▬▬▬▬
اننت ناگ میں آگ کی بھیانک واردات
تین صنعتی یونٹ میں موجود مشینیں اور ساز و سامان
▬▬▬ ▬▬▬▬ ▬▬ ▬▬▬▬▬ ▬▬▬ ▬▬▬▬ ▬▬ ▬▬▬▬▬▬ ▬▬▬ ▬▬ ▬▬▬▬ ▬▬▬▬ ▬▬▬ ▬▬▬▬ ▬▬ ▬▬▬▬▬ ▬▬ ▬▬▬▬ ▬▬▬ ▬▬▬▬▬ ▬▬▬ ▬▬ ▬▬▬▬▬ ▬▬▬▬ ▬▬▬ ▬▬ ▬▬▬▬ ▬▬▬▬▬ ▬▬ ▬▬▬▬ ▬▬▬ ▬▬▬▬▬ ▬▬ ▬▬▬ ▬▬▬▬ ▬▬▬▬ ▬▬ ▬▬▬ ▬▬▬▬▬ ▬▬▬ ▬▬▬▬ ▬▬ ▬▬▬▬▬ ▬▬ ▬▬▬▬ ▬▬▬ ▬▬▬▬▬ ▬▬▬ ▬▬ ▬▬▬▬▬ ▬▬▬▬ ▬▬▬ ▬▬ ▬▬▬▬ ▬▬▬▬▬ ▬▬ ▬▬▬▬ ▬▬▬ ▬▬▬▬▬ ▬▬ ▬▬▬ ▬▬▬▬ ▬▬▬▬ ▬▬ ▬▬▬ ▬▬▬▬▬ ▬▬▬ ▬▬▬▬ ▬▬ ▬▬▬▬▬ ▬▬ ▬▬▬▬ ▬▬▬
دہلی اور سرینگر کو جوڑنے کیلئے وندے بھارت سلیپر ٹرین جنوری سے شروع ہوگی ، جدید سہولیات سے لیس ریل گاڑی نئی دہلی سے
▬▬▬ ▬▬▬▬ ▬▬ ▬▬▬▬▬ ▬▬▬ ▬▬▬▬ ▬▬ ▬▬▬▬▬▬ ▬▬▬ ▬▬ ▬▬▬▬ ▬▬▬▬ ▬▬▬ ▬▬▬▬ ▬▬ ▬▬▬▬▬ ▬▬ ▬▬▬▬ ▬▬▬ ▬▬▬▬▬ ▬▬▬ ▬▬ ▬▬▬▬▬ ▬▬▬▬ ▬▬▬ ▬▬ ▬▬▬▬ ▬▬▬▬▬ ▬▬ ▬▬▬▬ ▬▬▬ ▬▬▬▬▬ ▬▬ ▬▬▬ ▬▬▬▬ ▬▬▬▬ ▬▬ ▬▬▬ ▬▬▬▬▬ ▬▬▬ ▬▬▬▬ ▬▬ ▬▬▬▬▬ ▬▬ ▬▬▬▬ ▬▬▬ ▬▬▬▬▬ ▬▬▬ ▬▬ ▬▬▬▬▬ ▬▬▬▬ ▬▬▬ ▬▬ ▬▬▬▬ ▬▬▬▬▬ ▬▬ ▬▬▬▬ ▬▬▬ ▬▬▬▬▬ ▬▬ ▬▬▬ ▬▬▬▬ ▬▬▬▬ ▬▬ ▬▬▬ ▬▬▬▬▬ ▬▬▬ ▬▬▬▬ ▬▬ ▬▬▬▬▬ ▬▬ ▬▬▬▬ ▬▬▬ ▬▬▬▬▬ ▬▬▬ ▬▬ ▬▬▬▬▬ ▬▬▬▬ ▬▬▬ ▬▬ ▬▬▬▬ ▬▬▬▬▬ ▬▬ ▬▬▬▬ ▬▬▬ ▬▬▬▬▬ ▬▬ ▬▬▬ ▬▬▬▬ ▬▬▬▬ ▬▬ ▬▬▬ ▬▬▬▬▬ ▬▬▬ ▬▬▬▬ ▬▬ ▬▬▬▬▬ ▬▬ ▬▬▬▬ ▬▬▬ ▬▬▬▬▬ ▬▬▬ ▬▬ ▬▬▬▬▬ ▬▬▬▬ ▬▬▬ ▬▬ ▬▬▬▬ ▬▬▬▬▬ ▬▬ ▬▬▬▬ ▬▬▬ ▬▬▬▬▬ ▬▬ ▬▬▬ ▬▬▬▬ ▬▬▬▬ ▬▬ ▬▬▬ ▬▬▬▬▬ ▬▬▬ ▬▬▬▬ ▬▬ ▬▬▬▬▬ ▬▬ ▬▬▬▬ ▬▬▬ ▬▬▬▬▬ ▬▬▬ ▬▬ ▬▬▬▬▬ ▬▬▬▬ ▬▬▬ ▬▬ ▬▬▬▬ ▬▬▬▬▬ ▬▬ ▬▬▬▬ ▬▬▬ ▬▬▬▬▬ ▬▬ ▬▬▬ ▬▬▬▬ ▬▬▬▬ ▬▬ ▬▬▬ ▬▬▬▬▬ ▬▬▬ ▬▬▬▬ ▬▬ ▬▬▬▬▬ ▬▬ ▬▬▬▬ ▬▬▬ ▬▬▬▬▬ ▬▬▬ ▬▬ ▬▬▬▬▬ ▬▬▬▬ ▬▬▬ ▬▬ ▬▬▬▬ ▬▬▬▬▬ ▬▬ ▬▬▬▬ ▬▬▬ ▬▬▬▬▬ ▬▬ ▬▬▬ ▬▬▬▬ ▬▬▬▬ ▬▬ ▬▬▬ ▬▬▬▬▬ ▬▬▬ ▬▬▬▬ ▬▬ ▬▬▬▬▬ ▬▬ ▬▬▬▬ ▬▬▬ ▬▬▬▬▬ ▬▬▬ ▬▬ ▬▬▬▬▬ ▬▬▬▬ ▬▬▬ ▬▬ ▬▬▬▬ ▬▬▬▬▬ ▬▬ ▬▬▬▬ ▬▬▬ ▬▬▬▬▬ ▬▬ ▬▬▬ ▬▬▬▬ ▬▬▬▬ ▬▬ ▬▬▬ ▬▬▬▬▬ ▬▬▬ ▬▬▬▬ ▬▬ ▬▬▬▬▬ ▬▬ ▬▬▬▬ ▬▬▬ ▬▬▬▬▬ ▬▬▬ ▬▬ ▬▬▬▬▬ ▬▬▬▬ ▬▬▬ ▬▬ ▬▬▬▬ ▬▬▬▬▬ ▬▬ ▬▬▬▬ ▬▬▬ ▬▬▬▬▬ ▬▬ ▬▬▬ ▬▬▬▬ ▬▬▬▬ ▬▬ ▬▬▬ ▬▬▬▬▬ ▬▬▬ ▬▬▬▬ ▬▬ ▬▬▬▬▬ ▬▬ ▬▬▬▬ ▬▬▬ ▬▬▬▬▬ ▬▬▬ ▬▬ ▬▬▬▬▬ ▬▬▬▬ ▬▬▬ ▬▬ ▬▬▬▬ ▬▬▬▬▬ ▬▬ ▬▬▬▬ ▬▬▬ ▬▬▬▬▬ ▬▬ ▬▬▬ ▬▬▬▬ ▬▬▬▬ ▬▬ ▬▬▬ ▬▬▬▬▬ ▬▬▬ ▬▬▬▬ ▬▬ ▬▬▬▬▬
